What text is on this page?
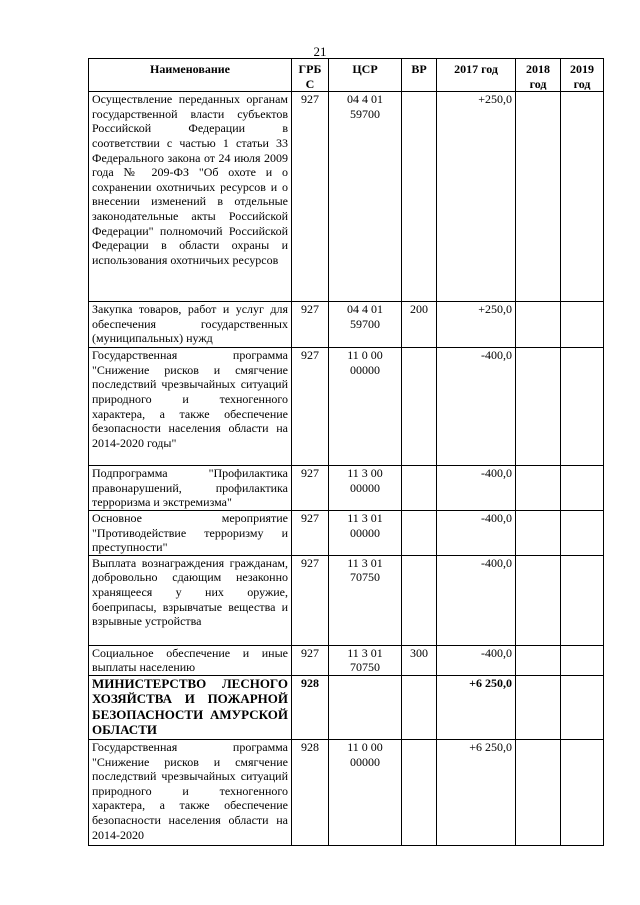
21
Наименование	ГРБ С	ЦСР	ВР	2017 год	2018 год	2019 год
Осуществление переданных органам государственной власти субъектов Российской Федерации в соответствии с частью 1 статьи 33 Федерального закона от 24 июля 2009 года № 209-ФЗ "Об охоте и о сохранении охотничьих ресурсов и о внесении изменений в отдельные законодательные акты Российской Федерации" полномочий Российской Федерации в области охраны и использования охотничьих ресурсов	927	04 4 01 59700		+250,0		
Закупка товаров, работ и услуг для обеспечения государственных (муниципальных) нужд	927	04 4 01 59700	200	+250,0		
Государственная программа "Снижение рисков и смягчение последствий чрезвычайных ситуаций природного и техногенного характера, а также обеспечение безопасности населения области на 2014-2020 годы"	927	11 0 00 00000		-400,0		
Подпрограмма "Профилактика правонарушений, профилактика терроризма и экстремизма"	927	11 3 00 00000		-400,0		
Основное мероприятие "Противодействие терроризму и преступности"	927	11 3 01 00000		-400,0		
Выплата вознаграждения гражданам, добровольно сдающим незаконно хранящееся у них оружие, боеприпасы, взрывчатые вещества и взрывные устройства	927	11 3 01 70750		-400,0		
Социальное обеспечение и иные выплаты населению	927	11 3 01 70750	300	-400,0		
МИНИСТЕРСТВО ЛЕСНОГО ХОЗЯЙСТВА И ПОЖАРНОЙ БЕЗОПАСНОСТИ АМУРСКОЙ ОБЛАСТИ	928			+6 250,0		
Государственная программа "Снижение рисков и смягчение последствий чрезвычайных ситуаций природного и техногенного характера, а также обеспечение безопасности населения области на 2014-2020	928	11 0 00 00000		+6 250,0		
